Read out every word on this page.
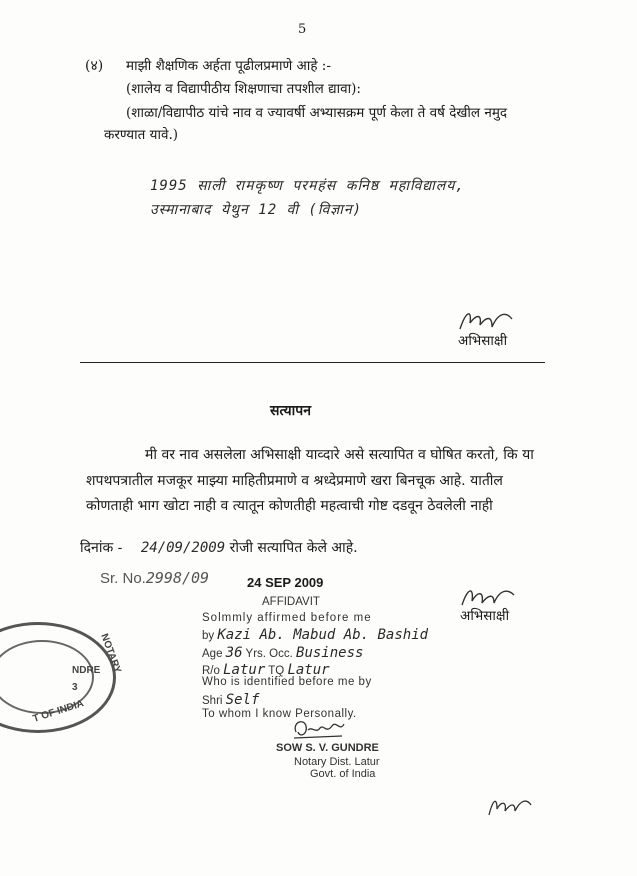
5
(४) माझी शैक्षणिक अर्हता पूढीलप्रमाणे आहे :-
(शालेय व विद्यापीठीय शिक्षणाचा तपशील द्यावा):
(शाळा/विद्यापीठ यांचे नाव व ज्यावर्षी अभ्यासक्रम पूर्ण केला ते वर्ष देखील नमुद
करण्यात यावे.)
1995 साली रामकृष्ण परमहंस कनिष्ठ महाविद्यालय,
उस्मानाबाद येथुन 12 वी (विज्ञान)
अभिसाक्षी
सत्यापन
मी वर नाव असलेला अभिसाक्षी याव्दारे असे सत्यापित व घोषित करतो, कि या
शपथपत्रातील मजकूर माझ्या माहितीप्रमाणे व श्रध्देप्रमाणे खरा बिनचूक आहे. यातील
कोणताही भाग खोटा नाही व त्यातून कोणतीही महत्वाची गोष्ट दडवून ठेवलेली नाही
दिनांक - 24/09/2009 रोजी सत्यापित केले आहे.
Sr. No.2998/09	24 SEP 2009
AFFIDAVIT
Solmmly affirmed before me
by Kazi Ab. Mabud Ab. Bashid
Age 36 Yrs. Occ. Business
R/o Latur TQ Latur
Who is identified before me by
Shri Self
To whom I know Personally.
SOW S. V. GUNDRE
Notary Dist. Latur
Govt. of India
अभिसाक्षी
NOTARY
NDRE
3
T OF INDIA
